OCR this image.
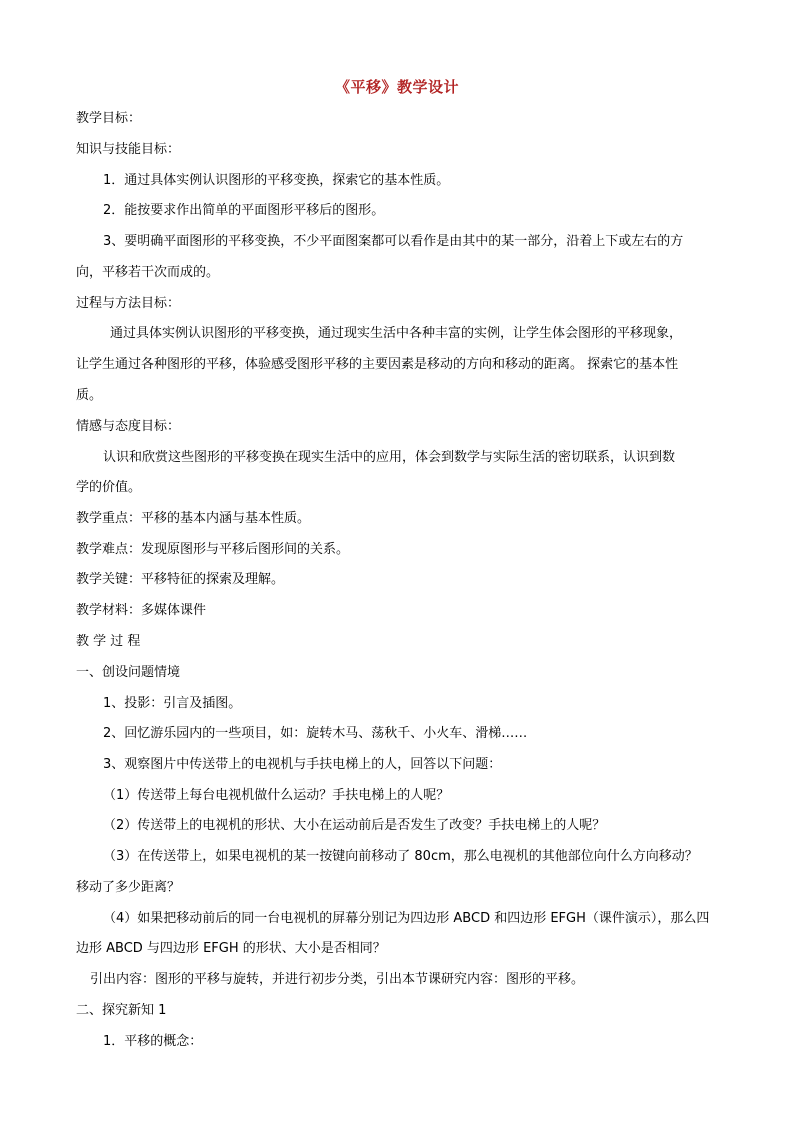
《平移》教学设计
教学目标：
知识与技能目标：
1．通过具体实例认识图形的平移变换，探索它的基本性质。
2．能按要求作出简单的平面图形平移后的图形。
3、要明确平面图形的平移变换，不少平面图案都可以看作是由其中的某一部分，沿着上下或左右的方
向，平移若干次而成的。
过程与方法目标：
通过具体实例认识图形的平移变换，通过现实生活中各种丰富的实例，让学生体会图形的平移现象，
让学生通过各种图形的平移，体验感受图形平移的主要因素是移动的方向和移动的距离。 探索它的基本性
质。
情感与态度目标：
认识和欣赏这些图形的平移变换在现实生活中的应用，体会到数学与实际生活的密切联系，认识到数
学的价值。
教学重点：平移的基本内涵与基本性质。
教学难点：发现原图形与平移后图形间的关系。
教学关键：平移特征的探索及理解。
教学材料：多媒体课件
教 学 过 程
一、创设问题情境
1、投影：引言及插图。
2、回忆游乐园内的一些项目，如：旋转木马、荡秋千、小火车、滑梯……
3、观察图片中传送带上的电视机与手扶电梯上的人，回答以下问题：
（1）传送带上每台电视机做什么运动？手扶电梯上的人呢？
（2）传送带上的电视机的形状、大小在运动前后是否发生了改变？手扶电梯上的人呢？
（3）在传送带上，如果电视机的某一按键向前移动了 80cm，那么电视机的其他部位向什么方向移动？
移动了多少距离？
（4）如果把移动前后的同一台电视机的屏幕分别记为四边形 ABCD 和四边形 EFGH（课件演示），那么四
边形 ABCD 与四边形 EFGH 的形状、大小是否相同？
引出内容：图形的平移与旋转，并进行初步分类，引出本节课研究内容：图形的平移。
二、探究新知 1
1．平移的概念：
